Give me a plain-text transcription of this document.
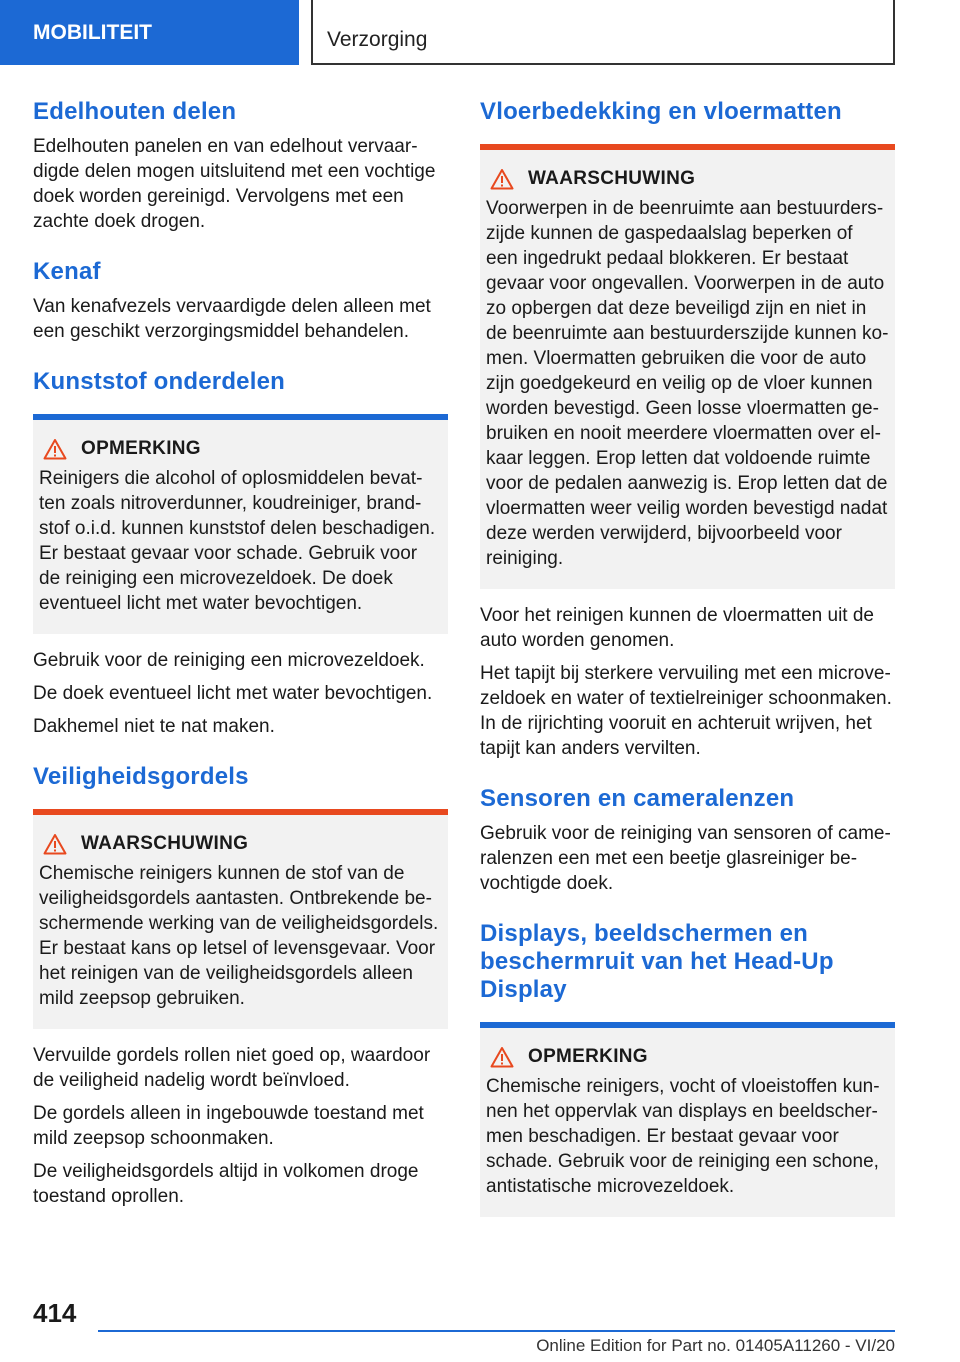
MOBILITEIT	Verzorging
Edelhouten delen

Edelhouten panelen en van edelhout vervaardigde delen mogen uitsluitend met een vochtige doek worden gereinigd. Vervolgens met een zachte doek drogen.

Kenaf

Van kenafvezels vervaardigde delen alleen met een geschikt verzorgingsmiddel behandelen.

Kunststof onderdelen
OPMERKING

Reinigers die alcohol of oplosmiddelen bevatten zoals nitroverdunner, koudreiniger, brandstof o.i.d. kunnen kunststof delen beschadigen. Er bestaat gevaar voor schade. Gebruik voor de reiniging een microvezeldoek. De doek eventueel licht met water bevochtigen.

Gebruik voor de reiniging een microvezeldoek.

De doek eventueel licht met water bevochtigen.

Dakhemel niet te nat maken.

Veiligheidsgordels
WAARSCHUWING

Chemische reinigers kunnen de stof van de veiligheidsgordels aantasten. Ontbrekende beschermende werking van de veiligheidsgordels. Er bestaat kans op letsel of levensgevaar. Voor het reinigen van de veiligheidsgordels alleen mild zeepsop gebruiken.

Vervuilde gordels rollen niet goed op, waardoor de veiligheid nadelig wordt beïnvloed.

De gordels alleen in ingebouwde toestand met mild zeepsop schoonmaken.

De veiligheidsgordels altijd in volkomen droge toestand oprollen.

Vloerbedekking en vloermatten
WAARSCHUWING

Voorwerpen in de beenruimte aan bestuurderszijde kunnen de gaspedaalslag beperken of een ingedrukt pedaal blokkeren. Er bestaat gevaar voor ongevallen. Voorwerpen in de auto zo opbergen dat deze beveiligd zijn en niet in de beenruimte aan bestuurderszijde kunnen komen. Vloermatten gebruiken die voor de auto zijn goedgekeurd en veilig op de vloer kunnen worden bevestigd. Geen losse vloermatten gebruiken en nooit meerdere vloermatten over elkaar leggen. Erop letten dat voldoende ruimte voor de pedalen aanwezig is. Erop letten dat de vloermatten weer veilig worden bevestigd nadat deze werden verwijderd, bijvoorbeeld voor reiniging.

Voor het reinigen kunnen de vloermatten uit de auto worden genomen.

Het tapijt bij sterkere vervuiling met een microvezeldoek en water of textielreiniger schoonmaken. In de rijrichting vooruit en achteruit wrijven, het tapijt kan anders vervilten.

Sensoren en cameralenzen

Gebruik voor de reiniging van sensoren of cameralenzen een met een beetje glasreiniger bevochtigde doek.

Displays, beeldschermen en beschermruit van het Head-Up Display
OPMERKING

Chemische reinigers, vocht of vloeistoffen kunnen het oppervlak van displays en beeldschermen beschadigen. Er bestaat gevaar voor schade. Gebruik voor de reiniging een schone, antistatische microvezeldoek.

414
Online Edition for Part no. 01405A11260 - VI/20
